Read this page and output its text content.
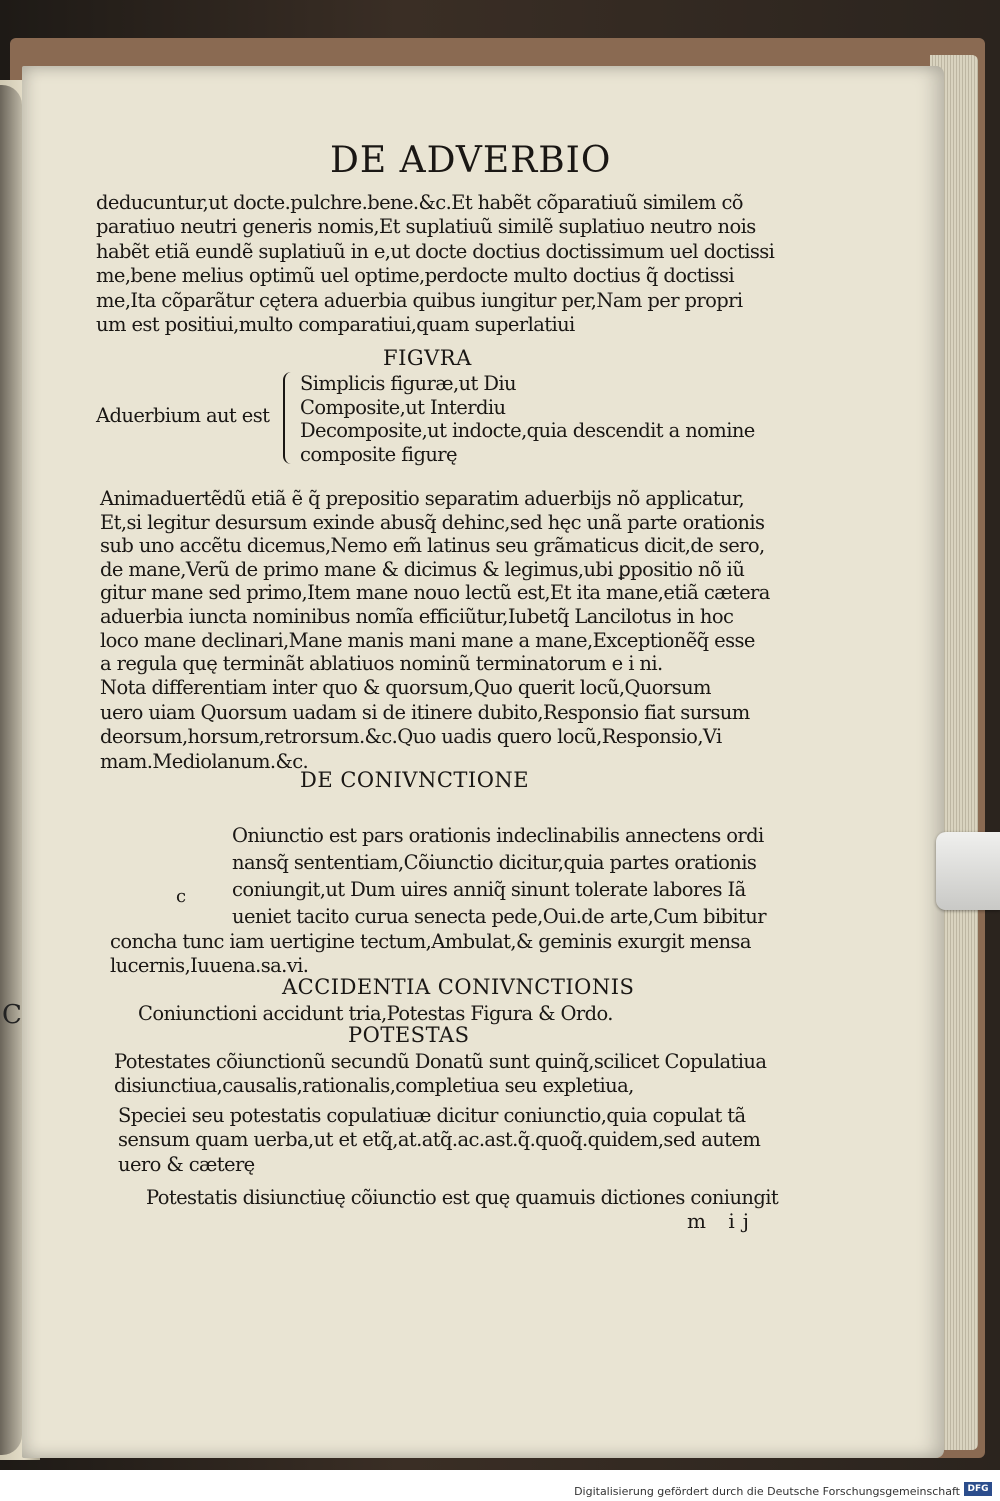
C
DE ADVERBIO
deducuntur,ut docte.pulchre.bene.&c.Et habẽt cõparatiuũ similem cõ
paratiuo neutri generis nomis,Et suplatiuũ similẽ suplatiuo neutro nois
habẽt etiã eundẽ suplatiuũ in e,ut docte doctius doctissimum uel doctissi
me,bene melius optimũ uel optime,perdocte multo doctius q̃ doctissi
me,Ita cõparãtur cętera aduerbia quibus iungitur per,Nam per propri
um est positiui,multo comparatiui,quam superlatiui
FIGVRA
Aduerbium aut est
Simplicis figuræ,ut Diu
Composite,ut Interdiu
Decomposite,ut indocte,quia descendit a nomine
composite figurę
Animaduertẽdũ etiã ẽ q̃ prepositio separatim aduerbijs nõ applicatur,
Et,si legitur desursum exinde abusq̃ dehinc,sed hęc unã parte orationis
sub uno accẽtu dicemus,Nemo em̃ latinus seu grãmaticus dicit,de sero,
de mane,Verũ de primo mane & dicimus & legimus,ubi ꝑpositio nõ iũ
gitur mane sed primo,Item mane nouo lectũ est,Et ita mane,etiã cætera
aduerbia iuncta nominibus nomĩa efficiũtur,Iubetq̃ Lancilotus in hoc
loco mane declinari,Mane manis mani mane a mane,Exceptionẽq̃ esse
a regula quę terminãt ablatiuos nominũ terminatorum e i ni.
Nota differentiam inter quo & quorsum,Quo querit locũ,Quorsum
uero uiam Quorsum uadam si de itinere dubito,Responsio fiat sursum
deorsum,horsum,retrorsum.&c.Quo uadis quero locũ,Responsio,Vi
mam.Mediolanum.&c.
DE CONIVNCTIONE
Oniunctio est pars orationis indeclinabilis annectens ordi
nansq̃ sententiam,Cõiunctio dicitur,quia partes orationis
coniungit,ut Dum uires anniq̃ sinunt tolerate labores Iã
ueniet tacito curua senecta pede,Oui.de arte,Cum bibitur
c
concha tunc iam uertigine tectum,Ambulat,& geminis exurgit mensa
lucernis,Iuuena.sa.vi.
ACCIDENTIA CONIVNCTIONIS
Coniunctioni accidunt tria,Potestas Figura & Ordo.
POTESTAS
Potestates cõiunctionũ secundũ Donatũ sunt quinq̃,scilicet Copulatiua
disiunctiua,causalis,rationalis,completiua seu expletiua,
Speciei seu potestatis copulatiuæ dicitur coniunctio,quia copulat tã
sensum quam uerba,ut et etq̃,at.atq̃.ac.ast.q̃.quoq̃.quidem,sed autem
uero & cæterę
Potestatis disiunctiuę cõiunctio est quę quamuis dictiones coniungit
m ij
Digitalisierung gefördert durch die Deutsche Forschungsgemeinschaft DFG
